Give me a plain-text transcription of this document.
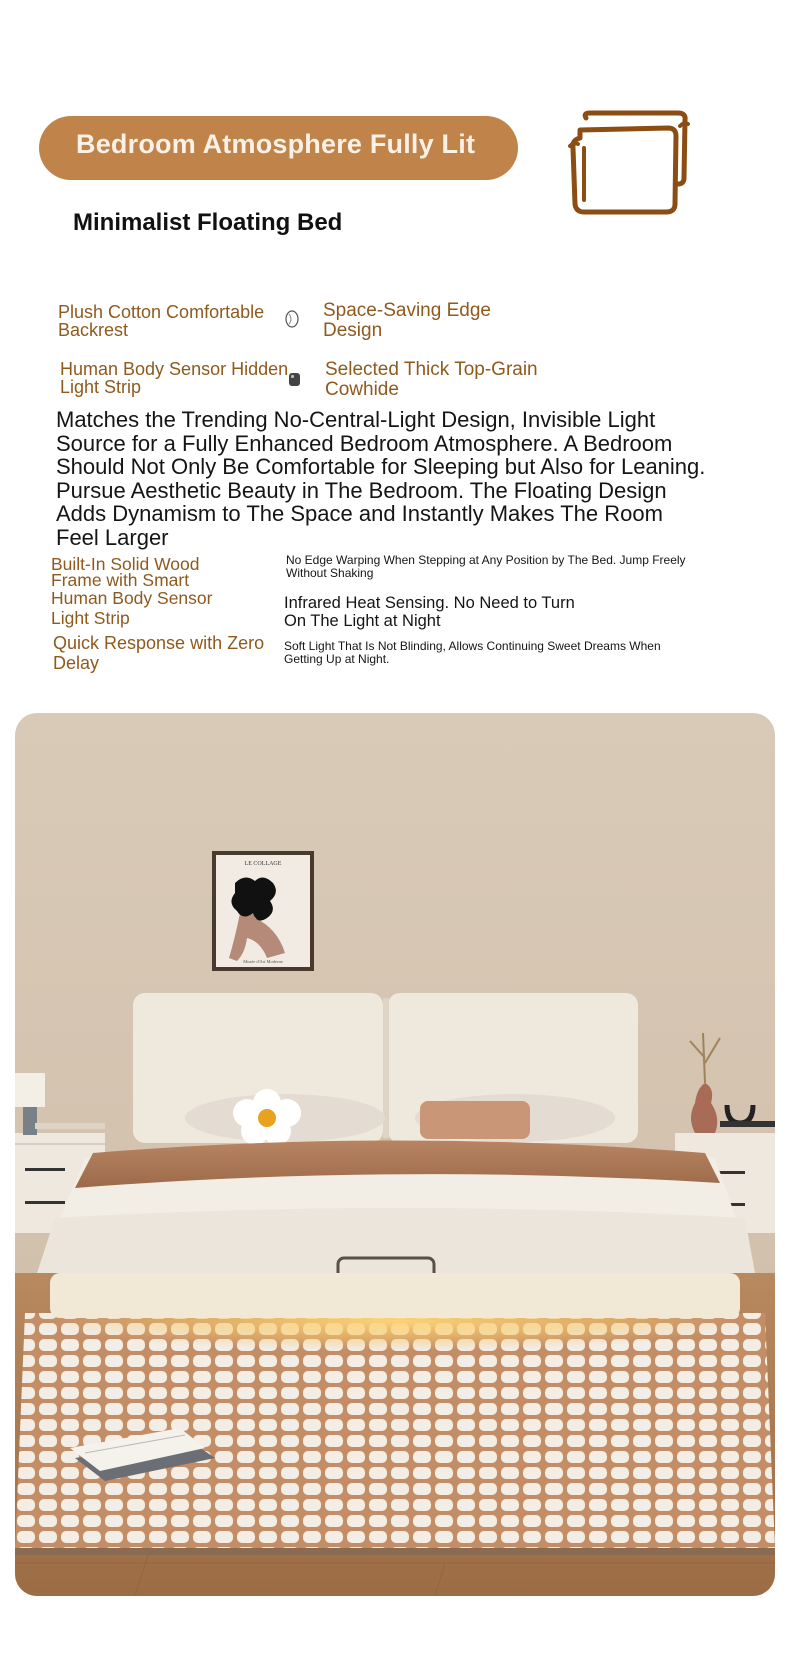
Bedroom Atmosphere Fully Lit
Minimalist Floating Bed
Plush Cotton Comfortable
Backrest
Space-Saving Edge
Design
Human Body Sensor Hidden
Light Strip
Selected Thick Top-Grain
Cowhide
Matches the Trending No-Central-Light Design, Invisible Light Source for a Fully Enhanced Bedroom Atmosphere. A Bedroom Should Not Only Be Comfortable for Sleeping but Also for Leaning. Pursue Aesthetic Beauty in The Bedroom. The Floating Design Adds Dynamism to The Space and Instantly Makes The Room Feel Larger
Built-In Solid Wood
Frame with Smart
No Edge Warping When Stepping at Any Position by The Bed. Jump Freely
Without Shaking
Human Body Sensor
Light Strip
Infrared Heat Sensing. No Need to Turn
On The Light at Night
Quick Response with Zero
Delay
Soft Light That Is Not Blinding, Allows Continuing Sweet Dreams When
Getting Up at Night.
LE COLLAGE
Musée d'Art Moderne
